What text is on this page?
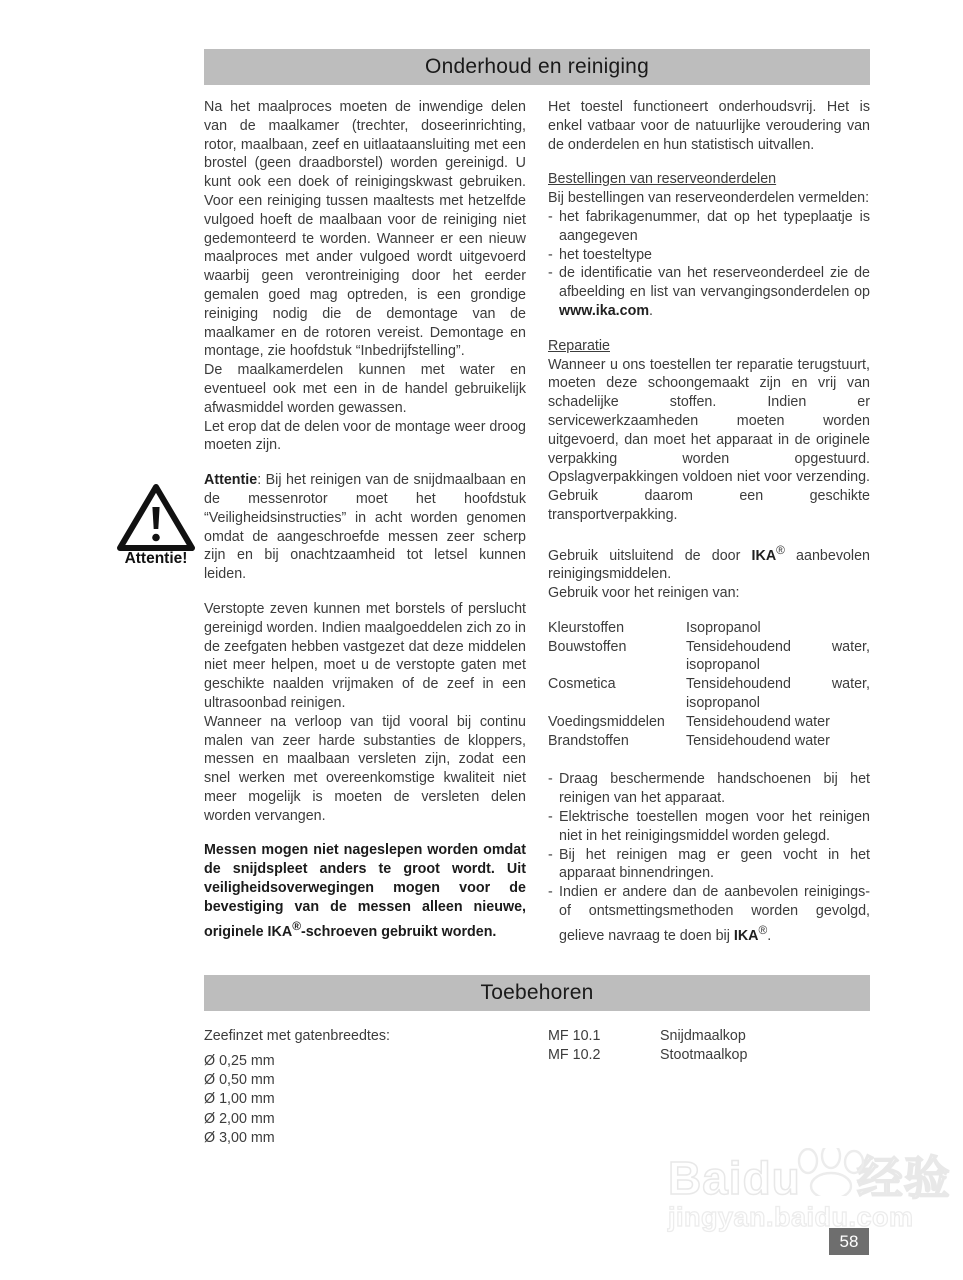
Onderhoud en reiniging

Na het maalproces moeten de inwendige delen van de maalkamer (trechter, doseerinrichting, rotor, maalbaan, zeef en uitlaataansluiting met een brostel (geen draadborstel) worden gereinigd. U kunt ook een doek of reinigingskwast gebruiken. Voor een reiniging tussen maaltests met hetzelfde vulgoed hoeft de maalbaan voor de reiniging niet gedemonteerd te worden. Wanneer er een nieuw maalproces met ander vulgoed wordt uitgevoerd waarbij geen verontreiniging door het eerder gemalen goed mag optreden, is een grondige reiniging nodig die de demontage van de maalkamer en de rotoren vereist. Demontage en montage, zie hoofdstuk “Inbedrijfstelling”.

De maalkamerdelen kunnen met water en eventueel ook met een in de handel gebruikelijk afwasmiddel worden gewassen.

Let erop dat de delen voor de montage weer droog moeten zijn.

Attentie: Bij het reinigen van de snijdmaalbaan en de messenrotor moet het hoofdstuk “Veiligheidsinstructies” in acht worden genomen omdat de aangeschroefde messen zeer scherp zijn en bij onachtzaamheid tot letsel kunnen leiden.

Verstopte zeven kunnen met borstels of perslucht gereinigd worden. Indien maalgoeddelen zich zo in de zeefgaten hebben vastgezet dat deze middelen niet meer helpen, moet u de verstopte gaten met geschikte naalden vrijmaken of de zeef in een ultrasoonbad reinigen.

Wanneer na verloop van tijd vooral bij continu malen van zeer harde substanties de kloppers, messen en maalbaan versleten zijn, zodat een snel werken met overeenkomstige kwaliteit niet meer mogelijk is moeten de versleten delen worden vervangen.

Messen mogen niet nageslepen worden omdat de snijdspleet anders te groot wordt. Uit veiligheidsoverwegingen mogen voor de bevestiging van de messen alleen nieuwe, originele IKA®-schroeven gebruikt worden.

Attentie!

Het toestel functioneert onderhoudsvrij. Het is enkel vatbaar voor de natuurlijke veroudering van de onderdelen en hun statistisch uitvallen.

Bestellingen van reserveonderdelen

Bij bestellingen van reserveonderdelen vermelden:

- het fabrikagenummer, dat op het typeplaatje is aangegeven
- het toesteltype
- de identificatie van het reserveonderdeel zie de afbeelding en list van vervangingsonderdelen op www.ika.com.

Reparatie

Wanneer u ons toestellen ter reparatie terugstuurt, moeten deze schoongemaakt zijn en vrij van schadelijke stoffen. Indien er servicewerkzaamheden moeten worden uitgevoerd, dan moet het apparaat in de originele verpakking worden opgestuurd. Opslagverpakkingen voldoen niet voor verzending. Gebruik daarom een geschikte transportverpakking.

Gebruik uitsluitend de door IKA® aanbevolen reinigingsmiddelen.

Gebruik voor het reinigen van:

Kleurstoffen	Isopropanol
Bouwstoffen	Tensidehoudend water, isopropanol
Cosmetica	Tensidehoudend water, isopropanol
Voedingsmiddelen	Tensidehoudend water
Brandstoffen	Tensidehoudend water
- Draag beschermende handschoenen bij het reinigen van het apparaat.
- Elektrische toestellen mogen voor het reinigen niet in het reinigingsmiddel worden gelegd.
- Bij het reinigen mag er geen vocht in het apparaat binnendringen.
- Indien er andere dan de aanbevolen reinigings- of ontsmettingsmethoden worden gevolgd, gelieve navraag te doen bij IKA®.
Toebehoren
Zeefinzet met gatenbreedtes:
Ø 0,25 mm
Ø 0,50 mm
Ø 1,00 mm
Ø 2,00 mm
Ø 3,00 mm
MF 10.1	Snijdmaalkop
MF 10.2	Stootmaalkop
Baidu 经验
jingyan.baidu.com
58
